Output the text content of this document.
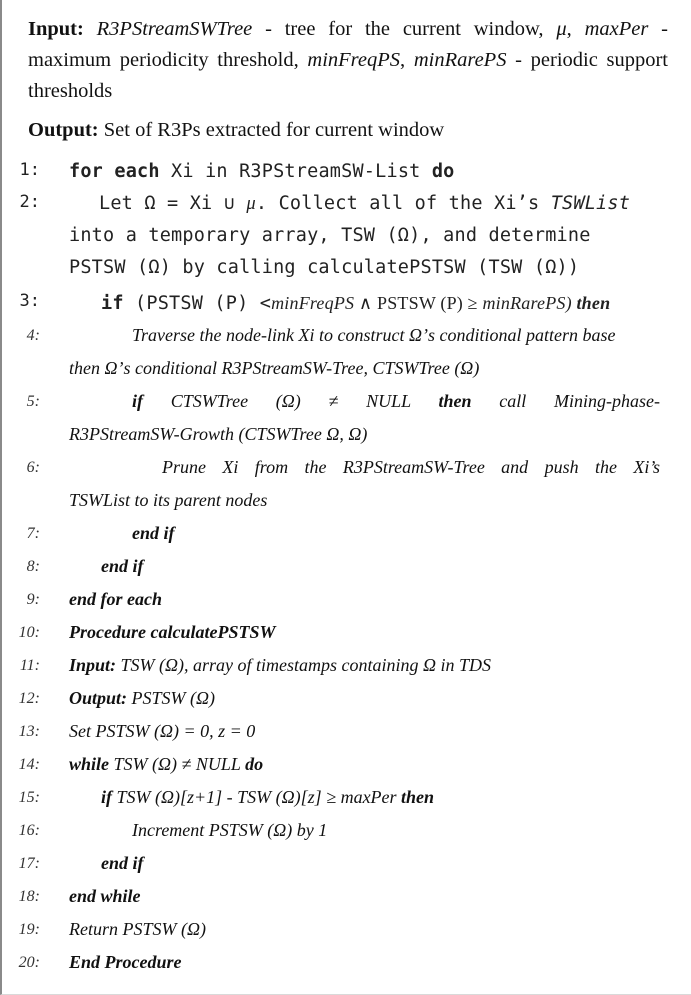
Input: R3PStreamSWTree - tree for the current window, μ, maxPer - maximum periodicity threshold, minFreqPS, minRarePS - periodic support thresholds
Output: Set of R3Ps extracted for current window
1: for each Xi in R3PStreamSW-List do
2:	Let Ω = Xi ∪ μ. Collect all of the Xi’s TSWList
into a temporary array, TSW (Ω), and determine
PSTSW (Ω) by calling calculatePSTSW (TSW (Ω))
3:	if (PSTSW (P) <minFreqPS ∧ PSTSW (P) ≥ minRarePS) then
4:	Traverse the node-link Xi to construct Ω’s conditional pattern base
then Ω’s conditional R3PStreamSW-Tree, CTSWTree (Ω)
5:	if CTSWTree (Ω) ≠ NULL then call Mining-phase-
R3PStreamSW-Growth (CTSWTree Ω, Ω)
6:	Prune Xi from the R3PStreamSW-Tree and push the Xi’s
TSWList to its parent nodes
7:	end if
8:	end if
9: end for each
10: Procedure calculatePSTSW
11: Input: TSW (Ω), array of timestamps containing Ω in TDS
12: Output: PSTSW (Ω)
13: Set PSTSW (Ω) = 0, z = 0
14: while TSW (Ω) ≠ NULL do
15:	if TSW (Ω)[z+1] - TSW (Ω)[z] ≥ maxPer then
16:	Increment PSTSW (Ω) by 1
17:	end if
18: end while
19: Return PSTSW (Ω)
20: End Procedure
